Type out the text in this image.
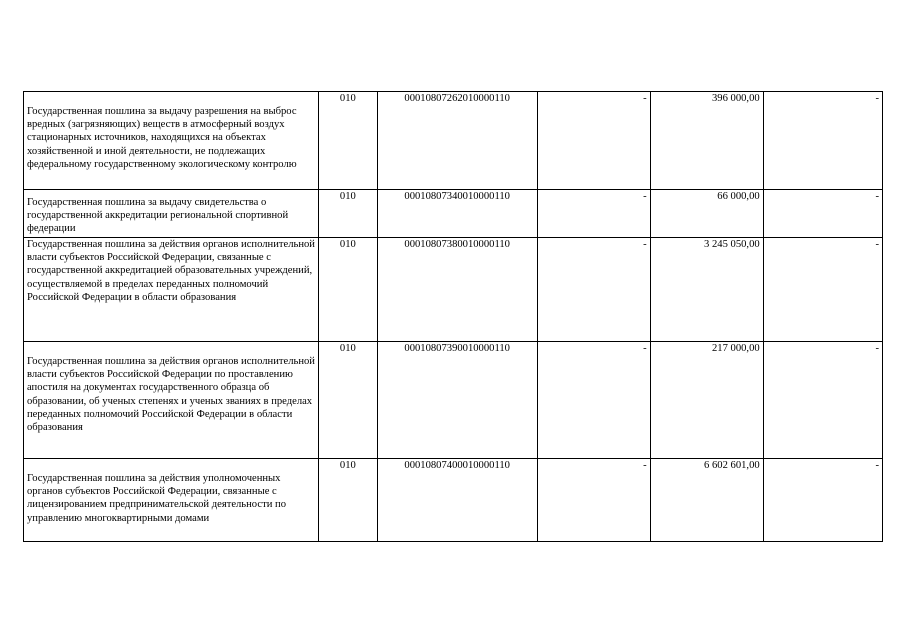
Государственная пошлина за выдачу разрешения на выброс вредных (загрязняющих) веществ в атмосферный воздух стационарных источников, находящихся на объектах хозяйственной и иной деятельности, не подлежащих федеральному государственному экологическому контролю	010	00010807262010000110	-	396 000,00	-

Государственная пошлина за выдачу свидетельства о государственной аккредитации региональной спортивной федерации	010	00010807340010000110	-	66 000,00	-

Государственная пошлина за действия органов исполнительной власти субъектов Российской Федерации, связанные с государственной аккредитацией образовательных учреждений, осуществляемой в пределах переданных полномочий Российской Федерации в области образования	010	00010807380010000110	-	3 245 050,00	-

Государственная пошлина за действия органов исполнительной власти субъектов Российской Федерации по проставлению апостиля на документах государственного образца об образовании, об ученых степенях и ученых званиях в пределах переданных полномочий Российской Федерации в области образования	010	00010807390010000110	-	217 000,00	-

Государственная пошлина за действия уполномоченных органов субъектов Российской Федерации, связанные с лицензированием предпринимательской деятельности по управлению многоквартирными домами	010	00010807400010000110	-	6 602 601,00	-
